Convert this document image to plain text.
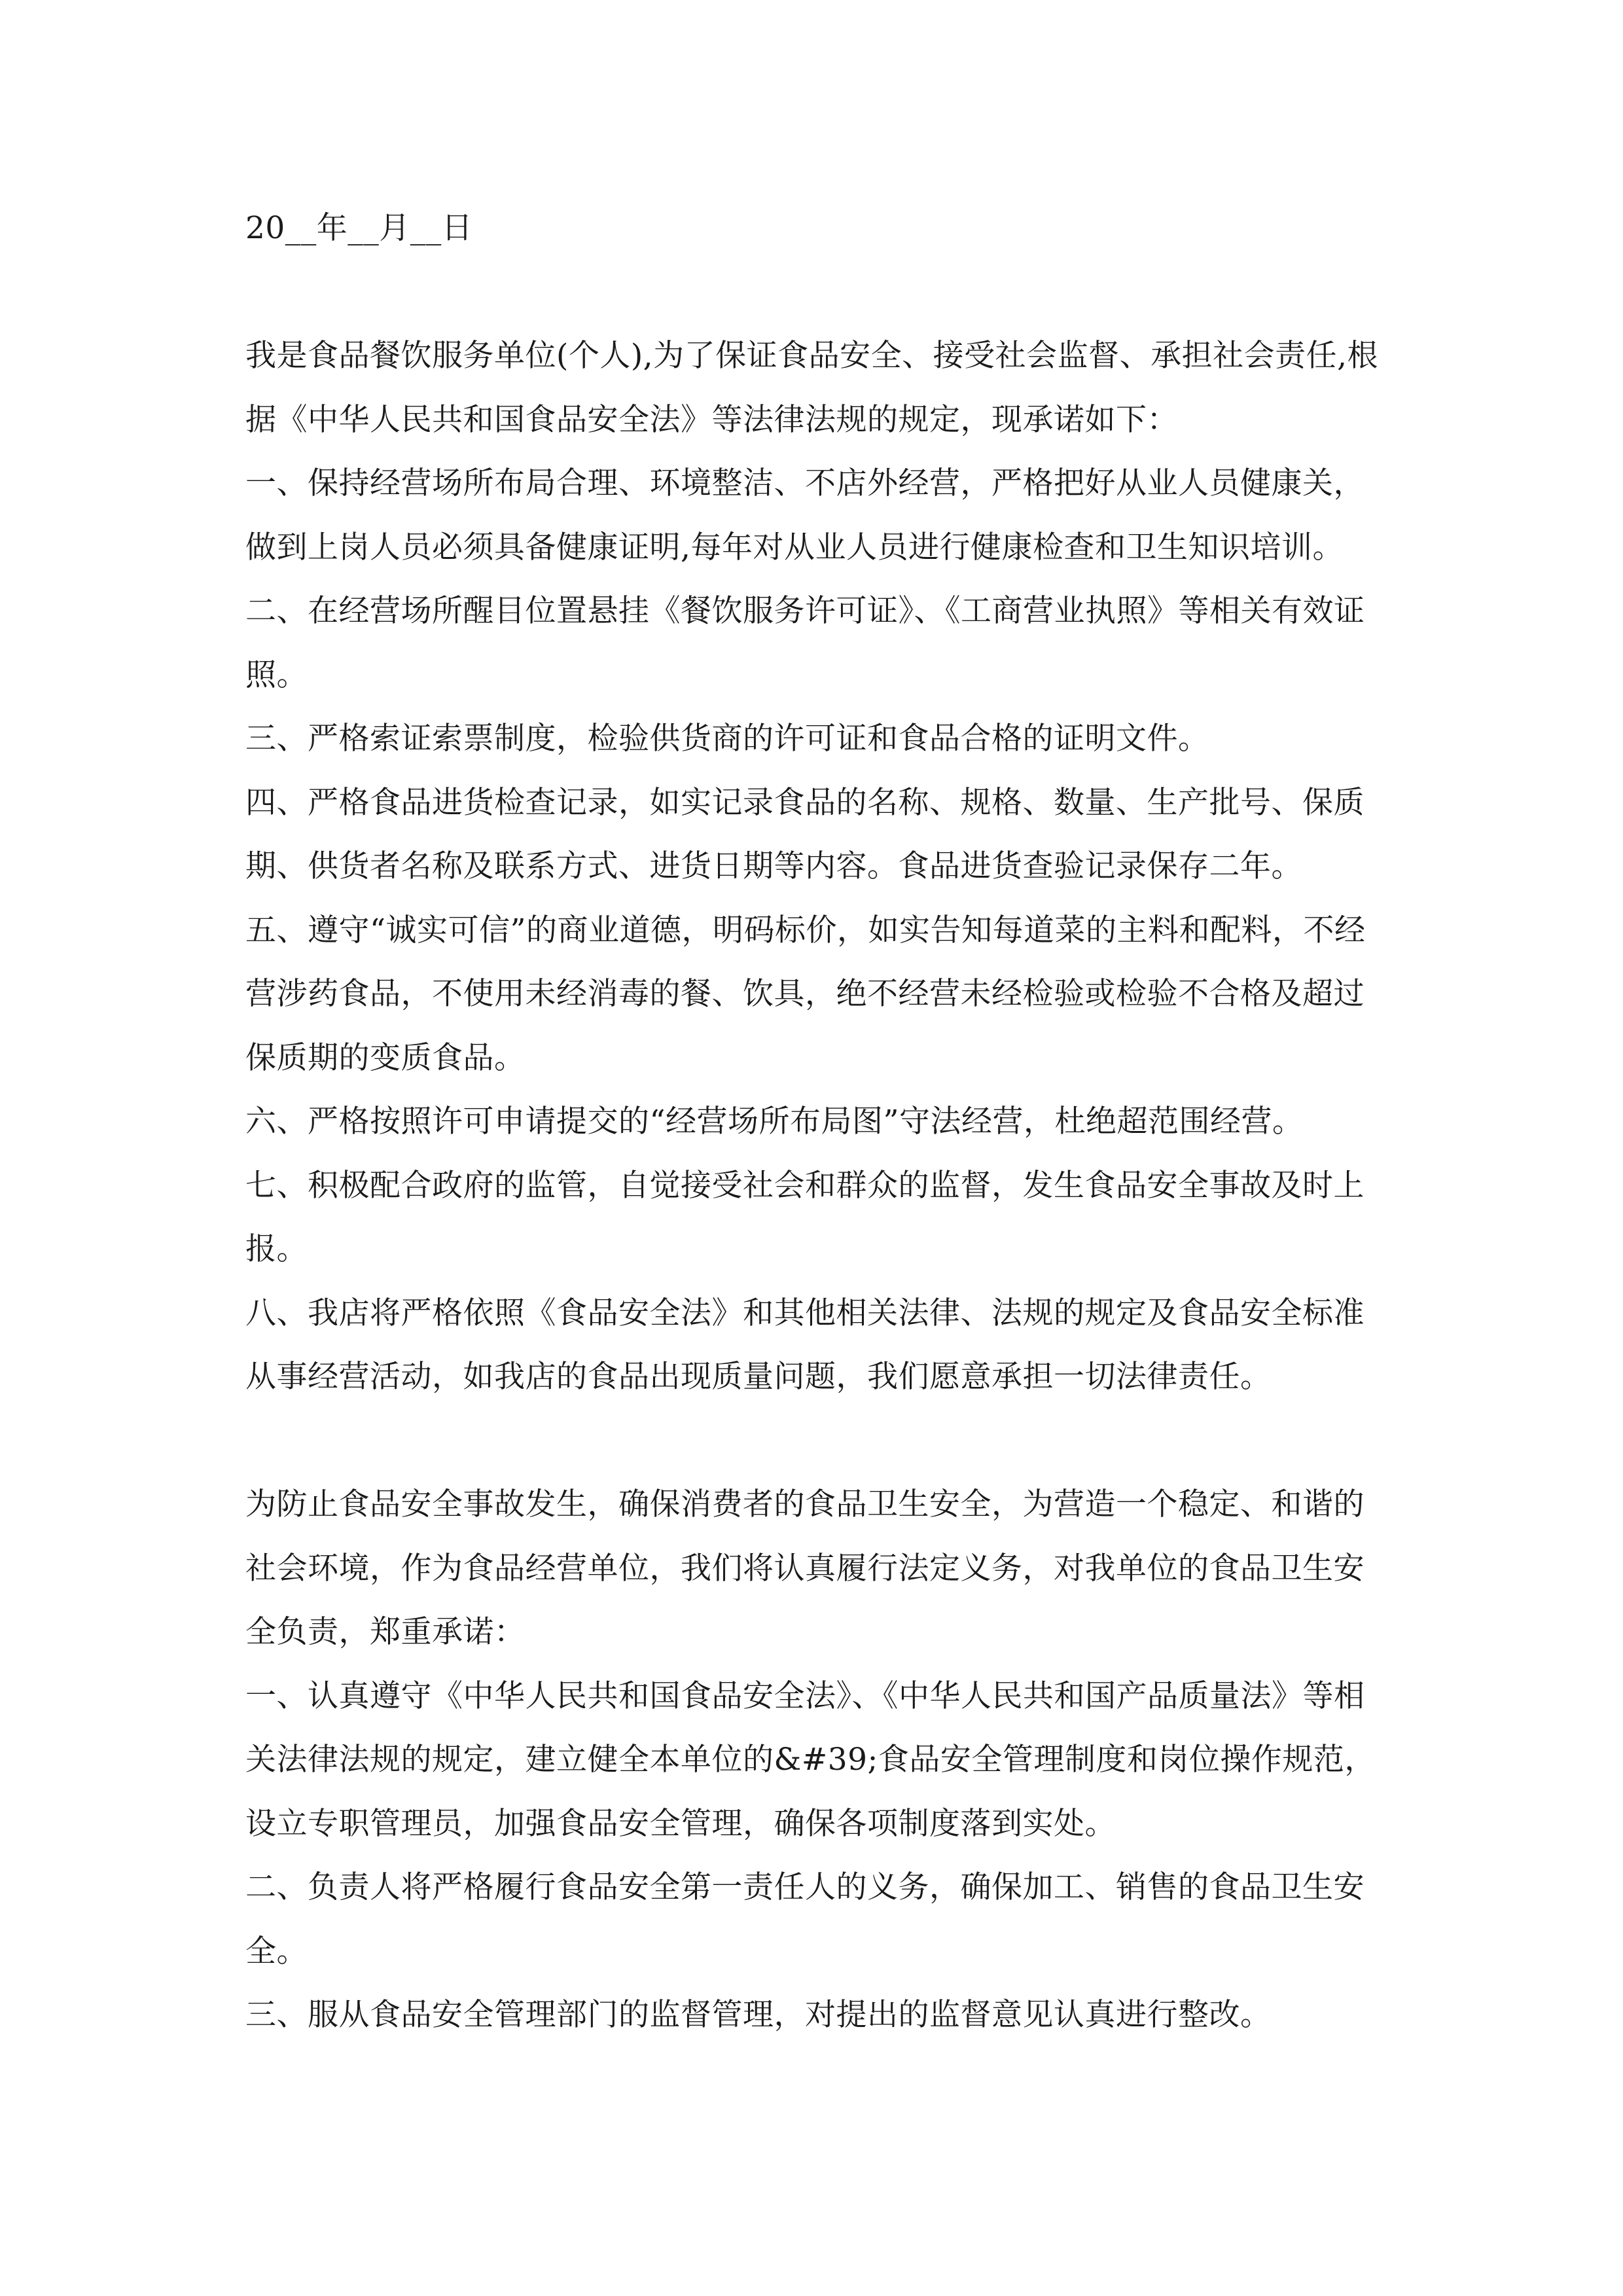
20__年__月__日

我是食品餐饮服务单位(个人),为了保证食品安全、接受社会监督、承担社会责任,根据《中华人民共和国食品安全法》等法律法规的规定，现承诺如下：

一、保持经营场所布局合理、环境整洁、不店外经营，严格把好从业人员健康关，做到上岗人员必须具备健康证明,每年对从业人员进行健康检查和卫生知识培训。

二、在经营场所醒目位置悬挂《餐饮服务许可证》、《工商营业执照》等相关有效证照。

三、严格索证索票制度，检验供货商的许可证和食品合格的证明文件。

四、严格食品进货检查记录，如实记录食品的名称、规格、数量、生产批号、保质期、供货者名称及联系方式、进货日期等内容。食品进货查验记录保存二年。

五、遵守“诚实可信”的商业道德，明码标价，如实告知每道菜的主料和配料，不经营涉药食品，不使用未经消毒的餐、饮具，绝不经营未经检验或检验不合格及超过保质期的变质食品。

六、严格按照许可申请提交的“经营场所布局图”守法经营，杜绝超范围经营。

七、积极配合政府的监管，自觉接受社会和群众的监督，发生食品安全事故及时上报。

八、我店将严格依照《食品安全法》和其他相关法律、法规的规定及食品安全标准从事经营活动，如我店的食品出现质量问题，我们愿意承担一切法律责任。

为防止食品安全事故发生，确保消费者的食品卫生安全，为营造一个稳定、和谐的社会环境，作为食品经营单位，我们将认真履行法定义务，对我单位的食品卫生安全负责，郑重承诺：

一、认真遵守《中华人民共和国食品安全法》、《中华人民共和国产品质量法》等相关法律法规的规定，建立健全本单位的&#39;食品安全管理制度和岗位操作规范，设立专职管理员，加强食品安全管理，确保各项制度落到实处。

二、负责人将严格履行食品安全第一责任人的义务，确保加工、销售的食品卫生安全。

三、服从食品安全管理部门的监督管理，对提出的监督意见认真进行整改。
